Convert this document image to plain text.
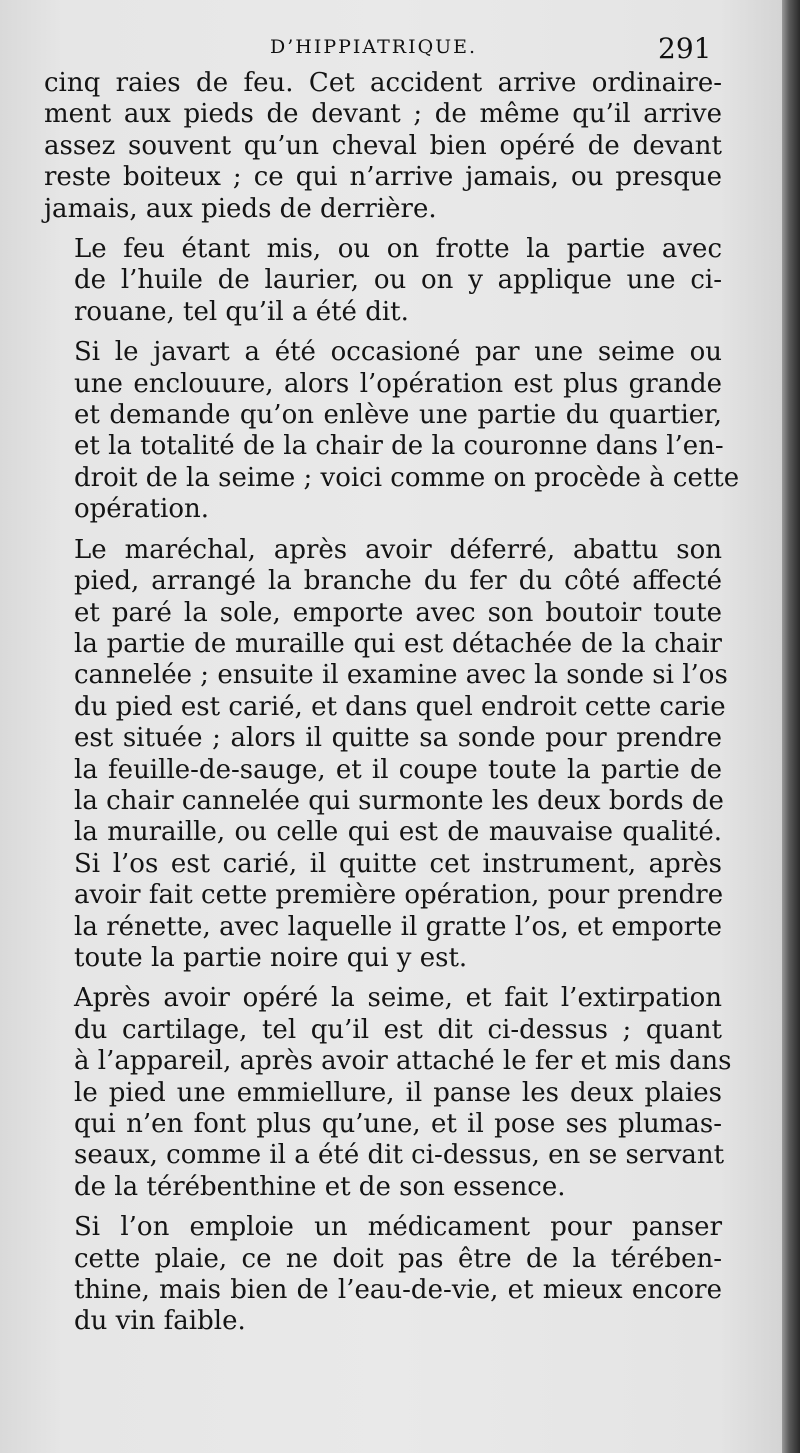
D’HIPPIATRIQUE.	291
cinq raies de feu. Cet accident arrive ordinaire-
ment aux pieds de devant ; de même qu’il arrive
assez souvent qu’un cheval bien opéré de devant
reste boiteux ; ce qui n’arrive jamais, ou presque
jamais, aux pieds de derrière.
Le feu étant mis, ou on frotte la partie avec
de l’huile de laurier, ou on y applique une ci-
rouane, tel qu’il a été dit.
Si le javart a été occasioné par une seime ou
une enclouure, alors l’opération est plus grande
et demande qu’on enlève une partie du quartier,
et la totalité de la chair de la couronne dans l’en-
droit de la seime ; voici comme on procède à cette
opération.
Le maréchal, après avoir déferré, abattu son
pied, arrangé la branche du fer du côté affecté
et paré la sole, emporte avec son boutoir toute
la partie de muraille qui est détachée de la chair
cannelée ; ensuite il examine avec la sonde si l’os
du pied est carié, et dans quel endroit cette carie
est située ; alors il quitte sa sonde pour prendre
la feuille-de-sauge, et il coupe toute la partie de
la chair cannelée qui surmonte les deux bords de
la muraille, ou celle qui est de mauvaise qualité.
Si l’os est carié, il quitte cet instrument, après
avoir fait cette première opération, pour prendre
la rénette, avec laquelle il gratte l’os, et emporte
toute la partie noire qui y est.
Après avoir opéré la seime, et fait l’extirpation
du cartilage, tel qu’il est dit ci-dessus ; quant
à l’appareil, après avoir attaché le fer et mis dans
le pied une emmiellure, il panse les deux plaies
qui n’en font plus qu’une, et il pose ses plumas-
seaux, comme il a été dit ci-dessus, en se servant
de la térébenthine et de son essence.
Si l’on emploie un médicament pour panser
cette plaie, ce ne doit pas être de la térében-
thine, mais bien de l’eau-de-vie, et mieux encore
du vin faible.
